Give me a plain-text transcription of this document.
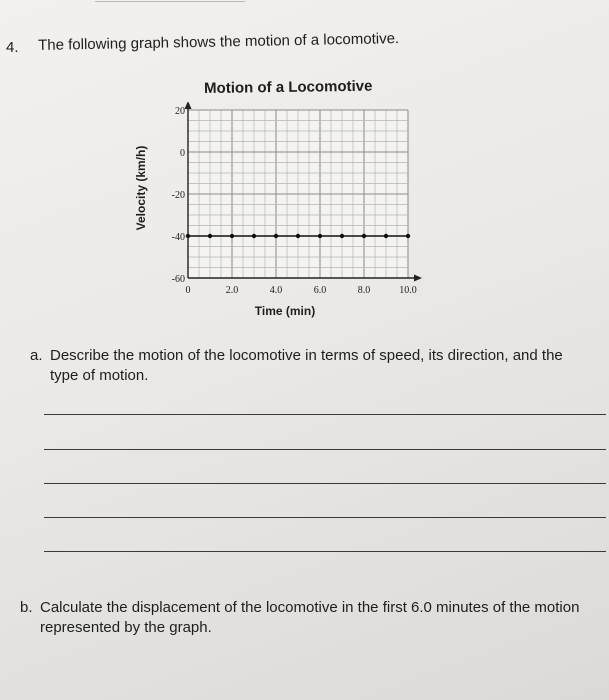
4. The following graph shows the motion of a locomotive.
Motion of a Locomotive
0	2.0	4.0	6.0	8.0	10.0
20
0
-20
-40
-60
Time (min)
Velocity (km/h)
a. Describe the motion of the locomotive in terms of speed, its direction, and the type of motion.
b. Calculate the displacement of the locomotive in the first 6.0 minutes of the motion represented by the graph.
